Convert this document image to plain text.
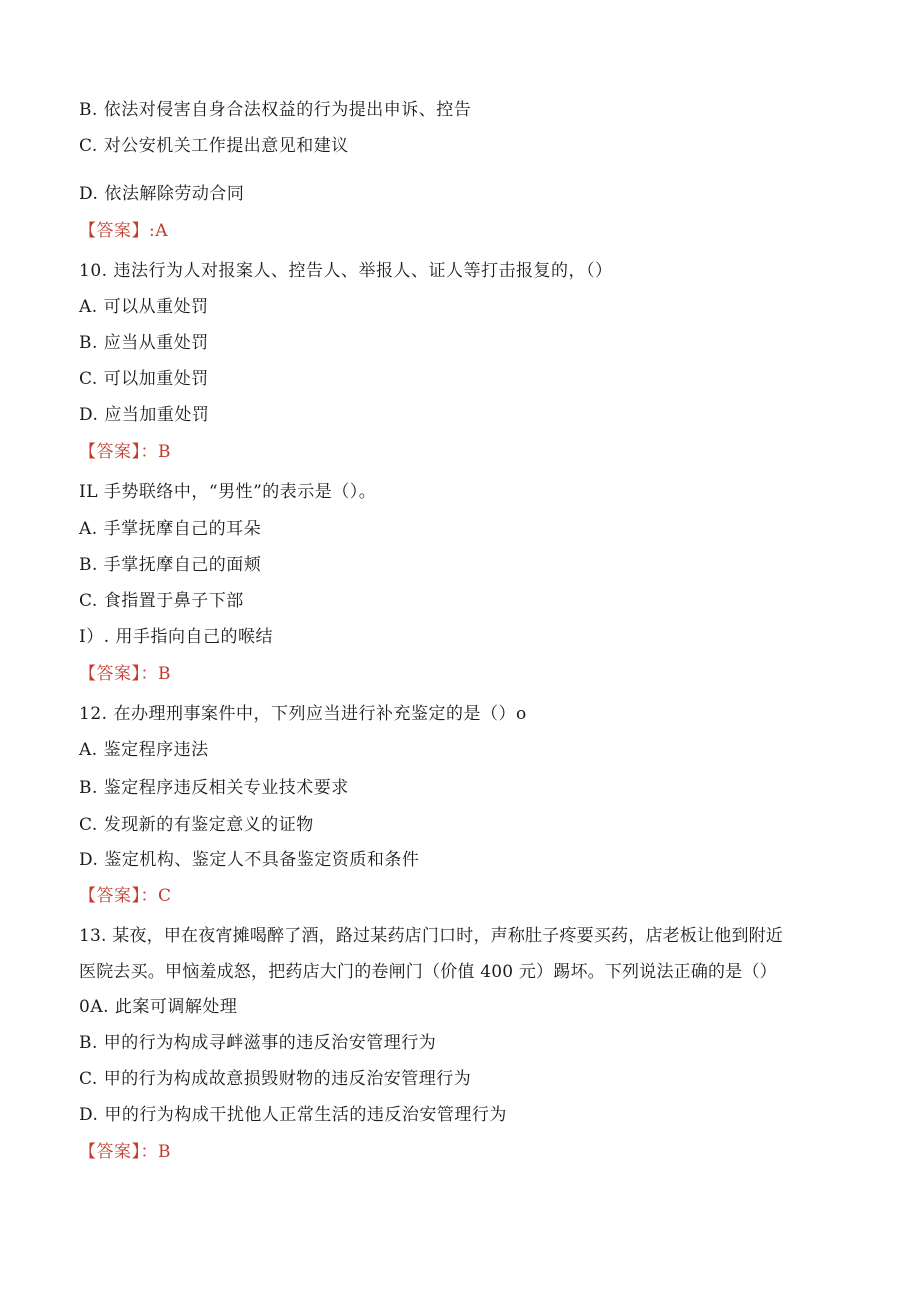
B. 依法对侵害自身合法权益的行为提出申诉、控告
C. 对公安机关工作提出意见和建议
D. 依法解除劳动合同
【答案】:A
10. 违法行为人对报案人、控告人、举报人、证人等打击报复的，（）
A. 可以从重处罚
B. 应当从重处罚
C. 可以加重处罚
D. 应当加重处罚
【答案】：B
IL 手势联络中，“男性”的表示是（）。
A. 手掌抚摩自己的耳朵
B. 手掌抚摩自己的面颊
C. 食指置于鼻子下部
I）. 用手指向自己的喉结
【答案】：B
12. 在办理刑事案件中，下列应当进行补充鉴定的是（）o
A. 鉴定程序违法
B. 鉴定程序违反相关专业技术要求
C. 发现新的有鉴定意义的证物
D. 鉴定机构、鉴定人不具备鉴定资质和条件
【答案】：C
13. 某夜，甲在夜宵摊喝醉了酒，路过某药店门口时，声称肚子疼要买药，店老板让他到附近
医院去买。甲恼羞成怒，把药店大门的卷闸门（价值 400 元）踢坏。下列说法正确的是（）
0A. 此案可调解处理
B. 甲的行为构成寻衅滋事的违反治安管理行为
C. 甲的行为构成故意损毁财物的违反治安管理行为
D. 甲的行为构成干扰他人正常生活的违反治安管理行为
【答案】：B
